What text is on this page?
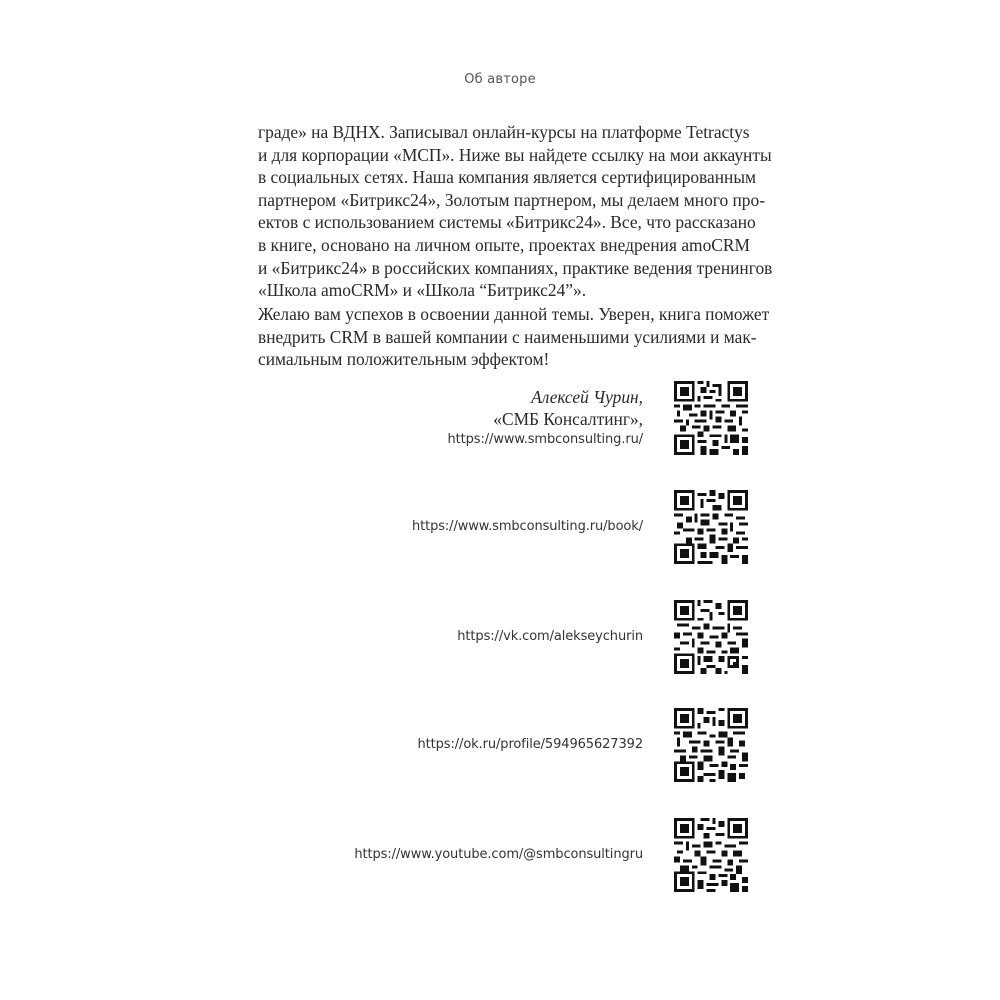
Об авторе
граде» на ВДНХ. Записывал онлайн-курсы на платформе Tetractys
и для корпорации «МСП». Ниже вы найдете ссылку на мои аккаунты
в социальных сетях. Наша компания является сертифицированным
партнером «Битрикс24», Золотым партнером, мы делаем много про-
ектов с использованием системы «Битрикс24». Все, что рассказано
в книге, основано на личном опыте, проектах внедрения amoCRM
и «Битрикс24» в российских компаниях, практике ведения тренингов
«Школа amoCRM» и «Школа “Битрикс24”».
Желаю вам успехов в освоении данной темы. Уверен, книга поможет
внедрить CRM в вашей компании с наименьшими усилиями и мак-
симальным положительным эффектом!
Алексей Чурин,
«СМБ Консалтинг»,
https://www.smbconsulting.ru/
https://www.smbconsulting.ru/book/
https://vk.com/alekseychurin
https://ok.ru/profile/594965627392
https://www.youtube.com/@smbconsultingru
